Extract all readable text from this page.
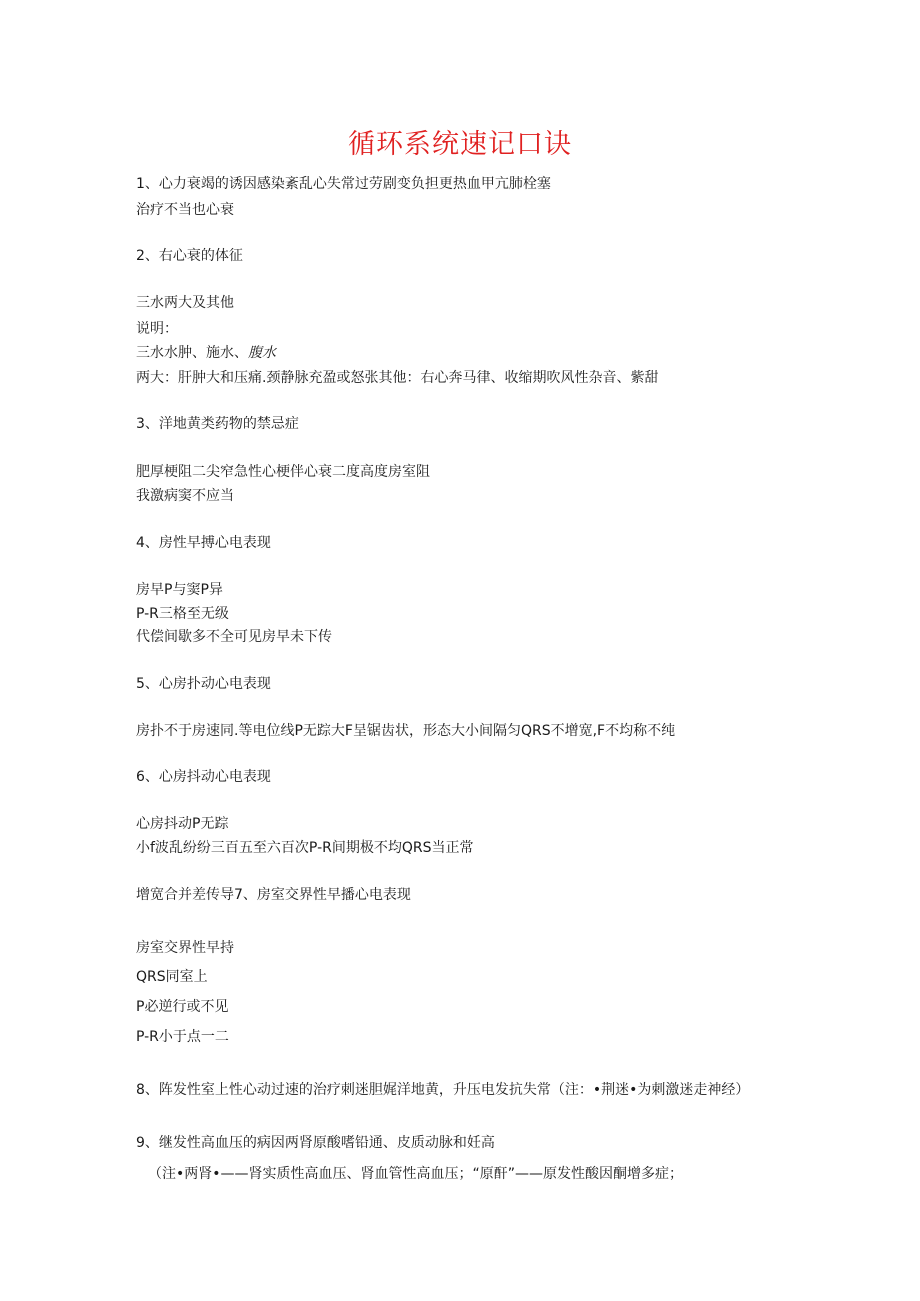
循环系统速记口诀
1、心力衰竭的诱因感染紊乱心失常过劳剧变负担更热血甲亢肺栓塞
治疗不当也心衰
2、右心衰的体征
三水两大及其他
说明：
三水水肿、施水、腹水
两大：肝肿大和压痛.颈静脉充盈或怒张其他：右心奔马律、收缩期吹风性杂音、紫甜
3、洋地黄类药物的禁忌症
肥厚梗阻二尖窄急性心梗伴心衰二度高度房室阻
我激病窦不应当
4、房性早搏心电表现
房早P与窦P异
P-R三格至无级
代偿间歇多不全可见房早未下传
5、心房扑动心电表现
房扑不于房速同.等电位线P无踪大F呈锯齿状，形态大小间隔匀QRS不增宽,F不均称不纯
6、心房抖动心电表现
心房抖动P无踪
小f波乱纷纷三百五至六百次P-R间期极不均QRS当正常
增宽合并差传导7、房室交界性早播心电表现
房室交界性早持
QRS同室上
P必逆行或不见
P-R小于点一二
8、阵发性室上性心动过速的治疗刺迷胆娓洋地黄，升压电发抗失常（注：•荆迷•为刺激迷走神经）
9、继发性高血压的病因两肾原酸嗜铅通、皮质动脉和妊高
（注•两肾•——肾实质性高血压、肾血管性高血压；“原酐”——原发性酸因酮增多症；
